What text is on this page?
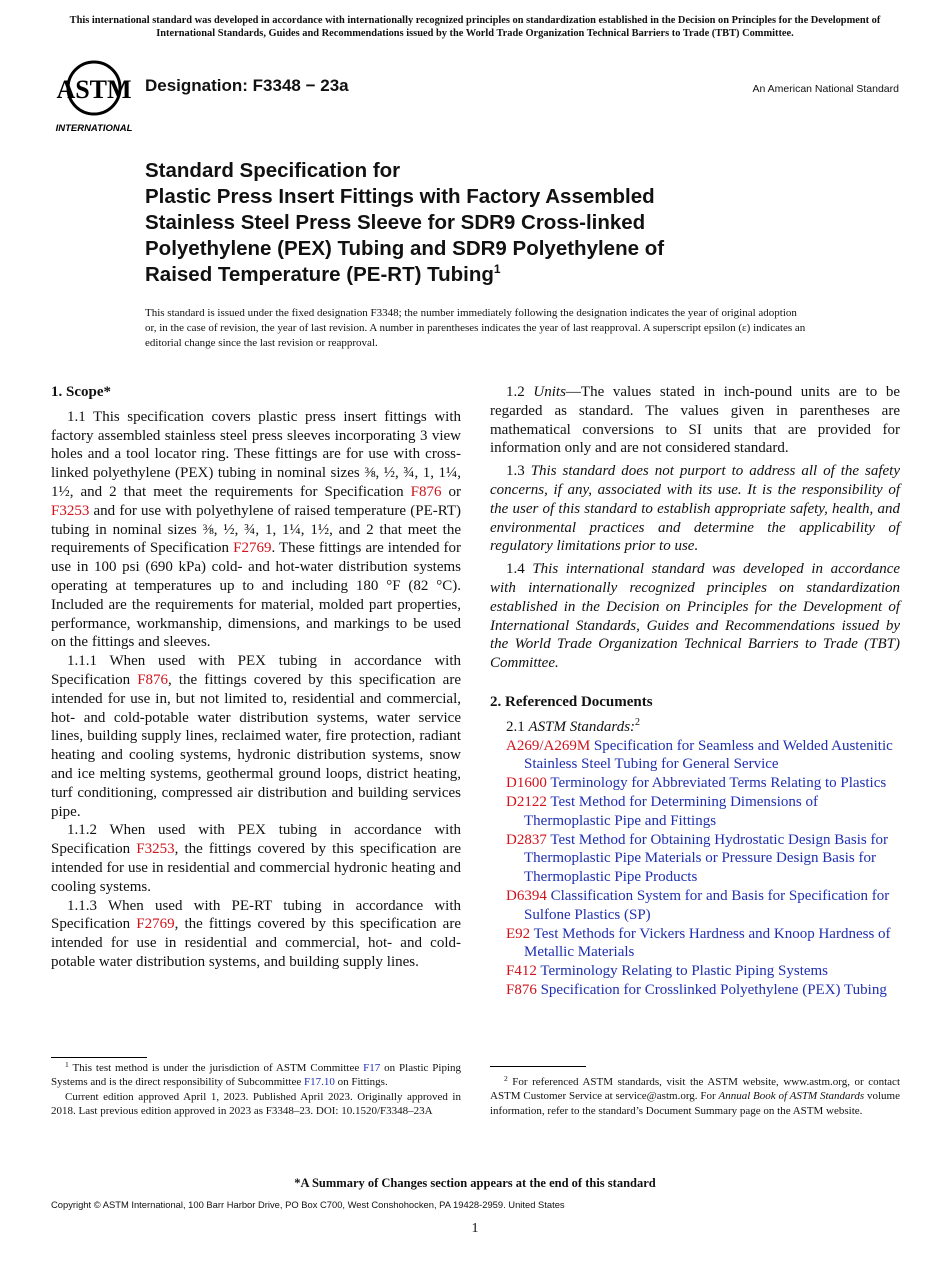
This international standard was developed in accordance with internationally recognized principles on standardization established in the Decision on Principles for the Development of International Standards, Guides and Recommendations issued by the World Trade Organization Technical Barriers to Trade (TBT) Committee.
ASTM
INTERNATIONAL
Designation: F3348 − 23a	An American National Standard
Standard Specification for
Plastic Press Insert Fittings with Factory Assembled
Stainless Steel Press Sleeve for SDR9 Cross-linked
Polyethylene (PEX) Tubing and SDR9 Polyethylene of
Raised Temperature (PE-RT) Tubing$^1$
This standard is issued under the fixed designation F3348; the number immediately following the designation indicates the year of original adoption or, in the case of revision, the year of last revision. A number in parentheses indicates the year of last reapproval. A superscript epsilon (ε) indicates an editorial change since the last revision or reapproval.
1. Scope*

1.1 This specification covers plastic press insert fittings with factory assembled stainless steel press sleeves incorporating 3 view holes and a tool locator ring. These fittings are for use with cross-linked polyethylene (PEX) tubing in nominal sizes ⅜, ½, ¾, 1, 1¼, 1½, and 2 that meet the requirements for Specification F876 or F3253 and for use with polyethylene of raised temperature (PE-RT) tubing in nominal sizes ⅜, ½, ¾, 1, 1¼, 1½, and 2 that meet the requirements of Specification F2769. These fittings are intended for use in 100 psi (690 kPa) cold- and hot-water distribution systems operating at temperatures up to and including 180 °F (82 °C). Included are the requirements for material, molded part properties, performance, workmanship, dimensions, and markings to be used on the fittings and sleeves.

1.1.1 When used with PEX tubing in accordance with Specification F876, the fittings covered by this specification are intended for use in, but not limited to, residential and commercial, hot- and cold-potable water distribution systems, water service lines, building supply lines, reclaimed water, fire protection, radiant heating and cooling systems, hydronic distribution systems, snow and ice melting systems, geothermal ground loops, district heating, turf conditioning, compressed air distribution and building services pipe.

1.1.2 When used with PEX tubing in accordance with Specification F3253, the fittings covered by this specification are intended for use in residential and commercial hydronic heating and cooling systems.

1.1.3 When used with PE-RT tubing in accordance with Specification F2769, the fittings covered by this specification are intended for use in residential and commercial, hot- and cold-potable water distribution systems, and building supply lines.

1.2 Units—The values stated in inch-pound units are to be regarded as standard. The values given in parentheses are mathematical conversions to SI units that are provided for information only and are not considered standard.

1.3 This standard does not purport to address all of the safety concerns, if any, associated with its use. It is the responsibility of the user of this standard to establish appropriate safety, health, and environmental practices and determine the applicability of regulatory limitations prior to use.

1.4 This international standard was developed in accordance with internationally recognized principles on standardization established in the Decision on Principles for the Development of International Standards, Guides and Recommendations issued by the World Trade Organization Technical Barriers to Trade (TBT) Committee.

2. Referenced Documents

2.1 ASTM Standards:$^2$

A269/A269M Specification for Seamless and Welded Austenitic Stainless Steel Tubing for General Service

D1600 Terminology for Abbreviated Terms Relating to Plastics

D2122 Test Method for Determining Dimensions of Thermoplastic Pipe and Fittings

D2837 Test Method for Obtaining Hydrostatic Design Basis for Thermoplastic Pipe Materials or Pressure Design Basis for Thermoplastic Pipe Products

D6394 Classification System for and Basis for Specification for Sulfone Plastics (SP)

E92 Test Methods for Vickers Hardness and Knoop Hardness of Metallic Materials

F412 Terminology Relating to Plastic Piping Systems

F876 Specification for Crosslinked Polyethylene (PEX) Tubing

$^1$ This test method is under the jurisdiction of ASTM Committee F17 on Plastic Piping Systems and is the direct responsibility of Subcommittee F17.10 on Fittings.

Current edition approved April 1, 2023. Published April 2023. Originally approved in 2018. Last previous edition approved in 2023 as F3348–23. DOI: 10.1520/F3348–23A

$^2$ For referenced ASTM standards, visit the ASTM website, www.astm.org, or contact ASTM Customer Service at service@astm.org. For Annual Book of ASTM Standards volume information, refer to the standard’s Document Summary page on the ASTM website.

*A Summary of Changes section appears at the end of this standard
Copyright © ASTM International, 100 Barr Harbor Drive, PO Box C700, West Conshohocken, PA 19428-2959. United States
1
